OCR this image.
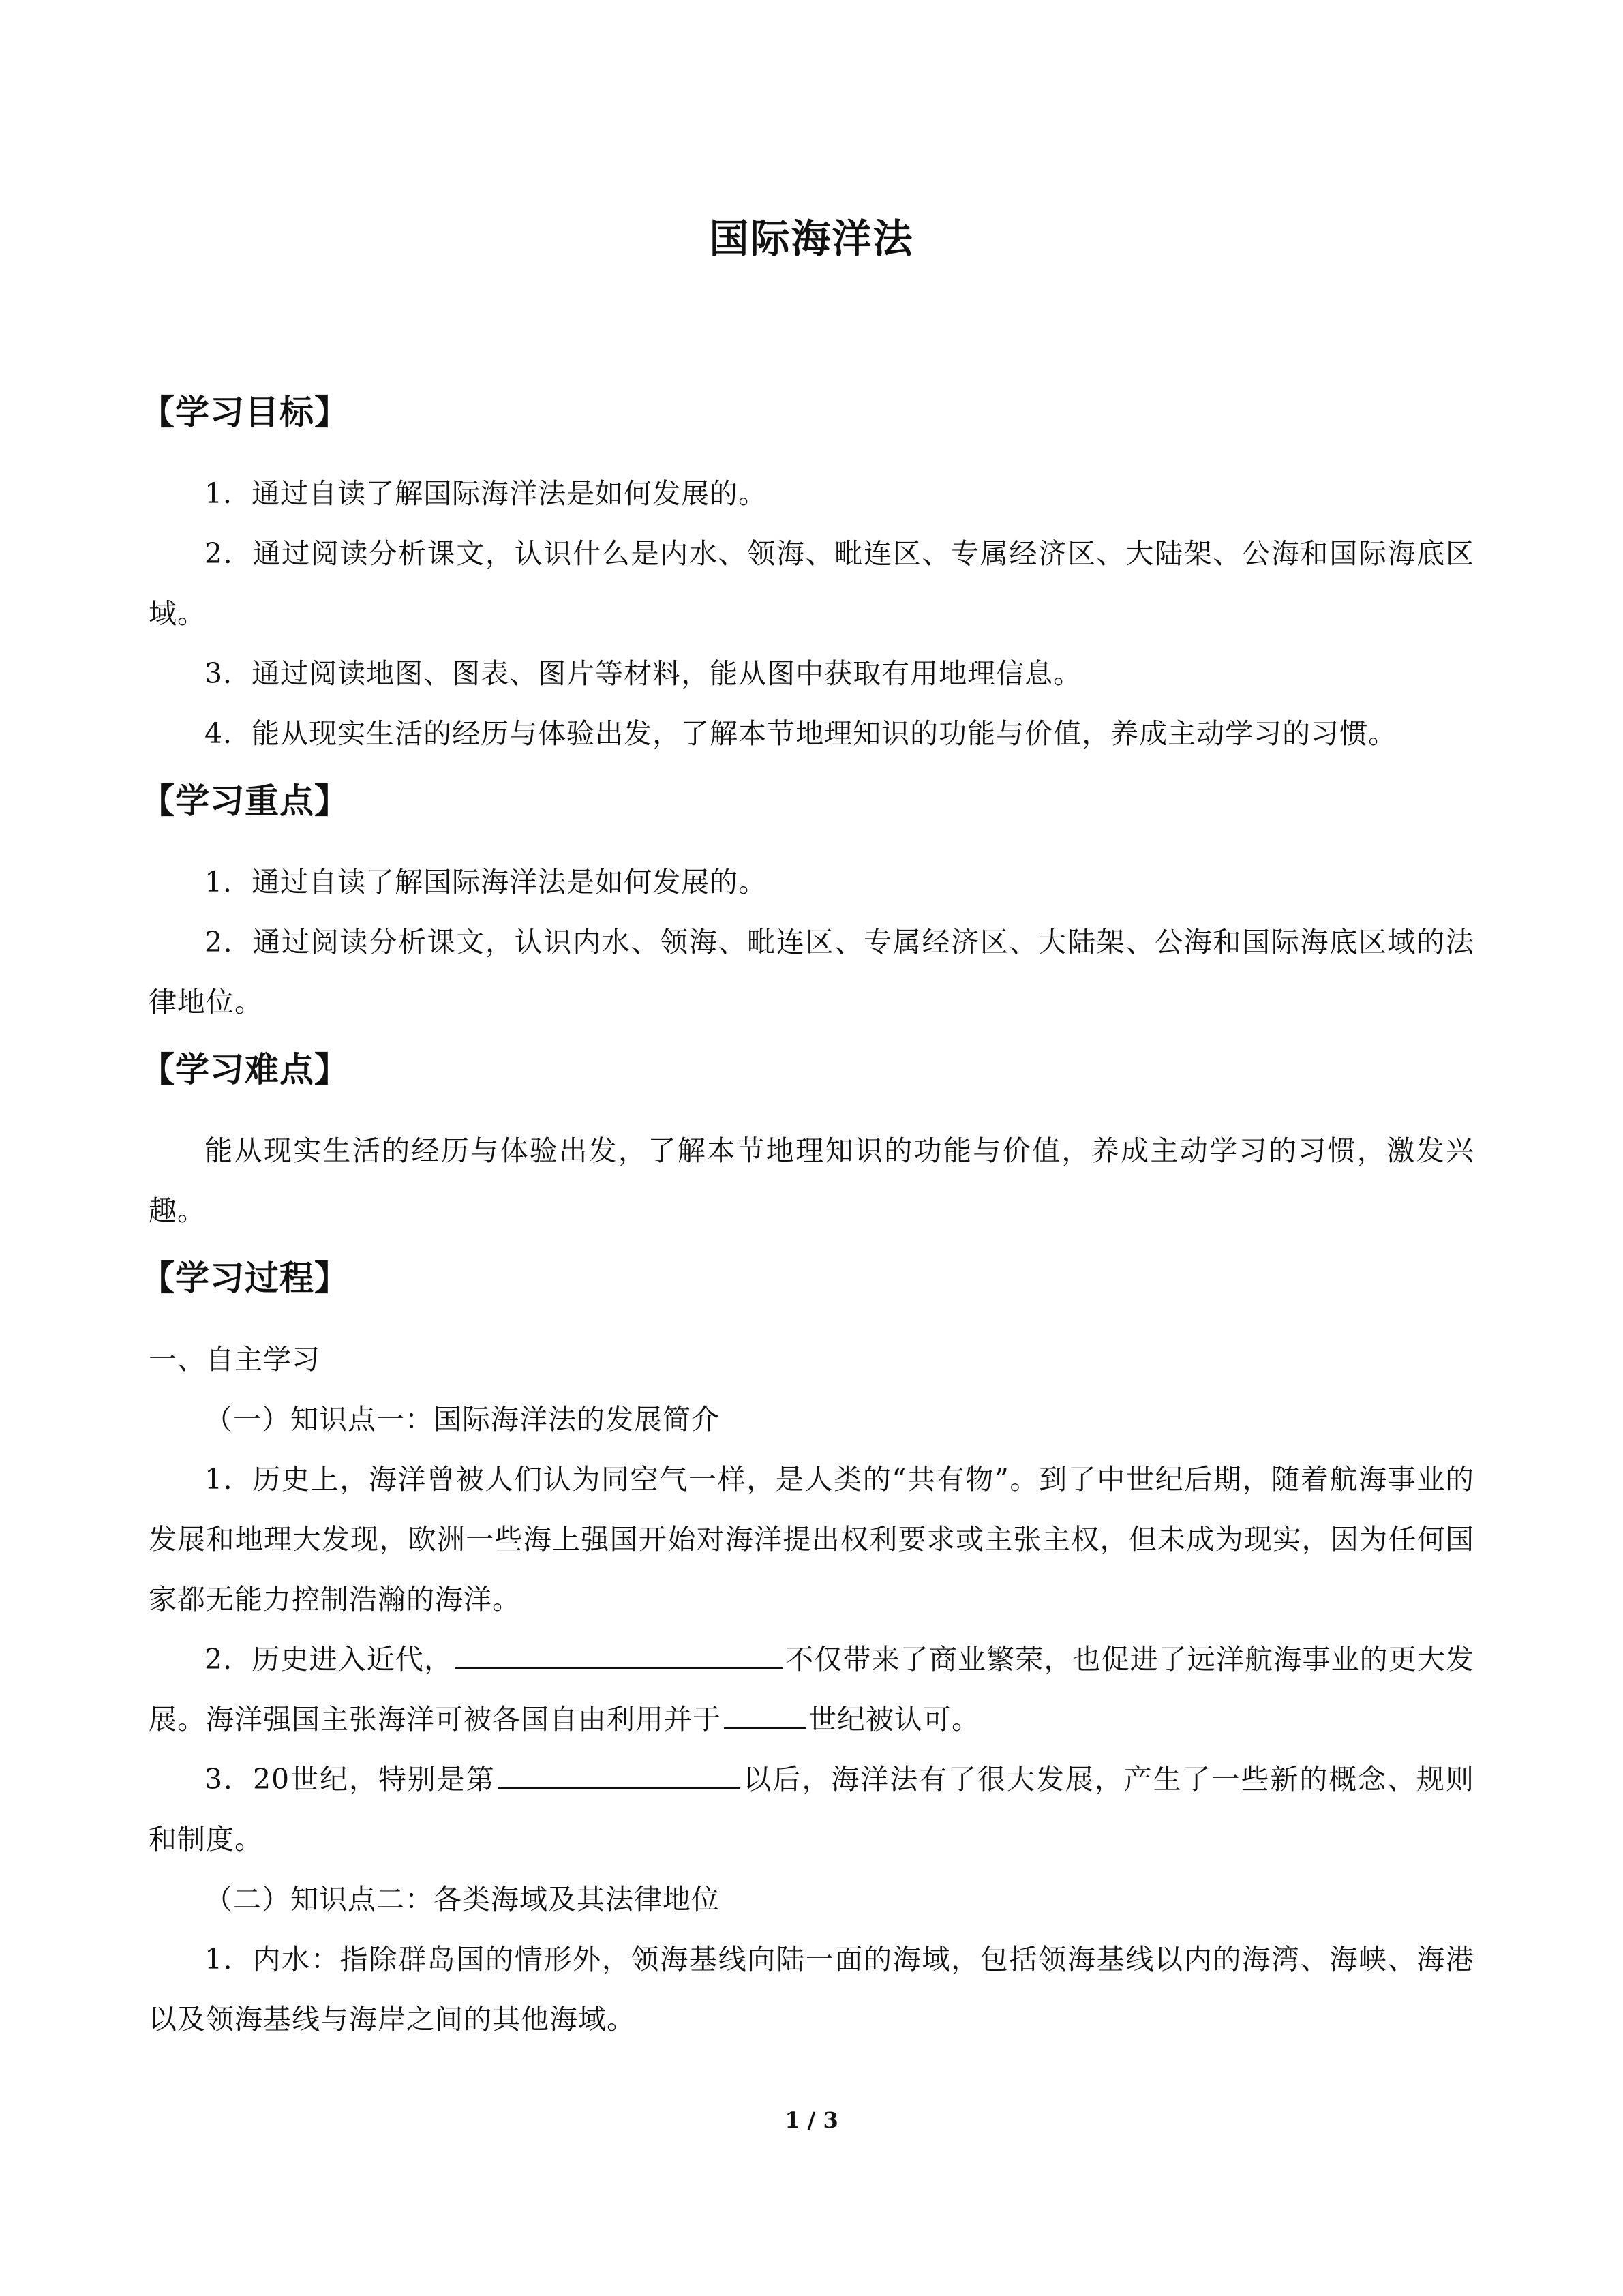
国际海洋法
【学习目标】

1．通过自读了解国际海洋法是如何发展的。

2．通过阅读分析课文，认识什么是内水、领海、毗连区、专属经济区、大陆架、公海和国际海底区域。

3．通过阅读地图、图表、图片等材料，能从图中获取有用地理信息。

4．能从现实生活的经历与体验出发，了解本节地理知识的功能与价值，养成主动学习的习惯。

【学习重点】

1．通过自读了解国际海洋法是如何发展的。

2．通过阅读分析课文，认识内水、领海、毗连区、专属经济区、大陆架、公海和国际海底区域的法律地位。

【学习难点】

能从现实生活的经历与体验出发，了解本节地理知识的功能与价值，养成主动学习的习惯，激发兴趣。

【学习过程】

一、自主学习

（一）知识点一：国际海洋法的发展简介

1．历史上，海洋曾被人们认为同空气一样，是人类的“共有物”。到了中世纪后期，随着航海事业的发展和地理大发现，欧洲一些海上强国开始对海洋提出权利要求或主张主权，但未成为现实，因为任何国家都无能力控制浩瀚的海洋。

2．历史进入近代，	不仅带来了商业繁荣，也促进了远洋航海事业的更大发展。海洋强国主张海洋可被各国自由利用并于	世纪被认可。

3．20世纪，特别是第	以后，海洋法有了很大发展，产生了一些新的概念、规则和制度。

（二）知识点二：各类海域及其法律地位

1．内水：指除群岛国的情形外，领海基线向陆一面的海域，包括领海基线以内的海湾、海峡、海港以及领海基线与海岸之间的其他海域。

1 / 3
